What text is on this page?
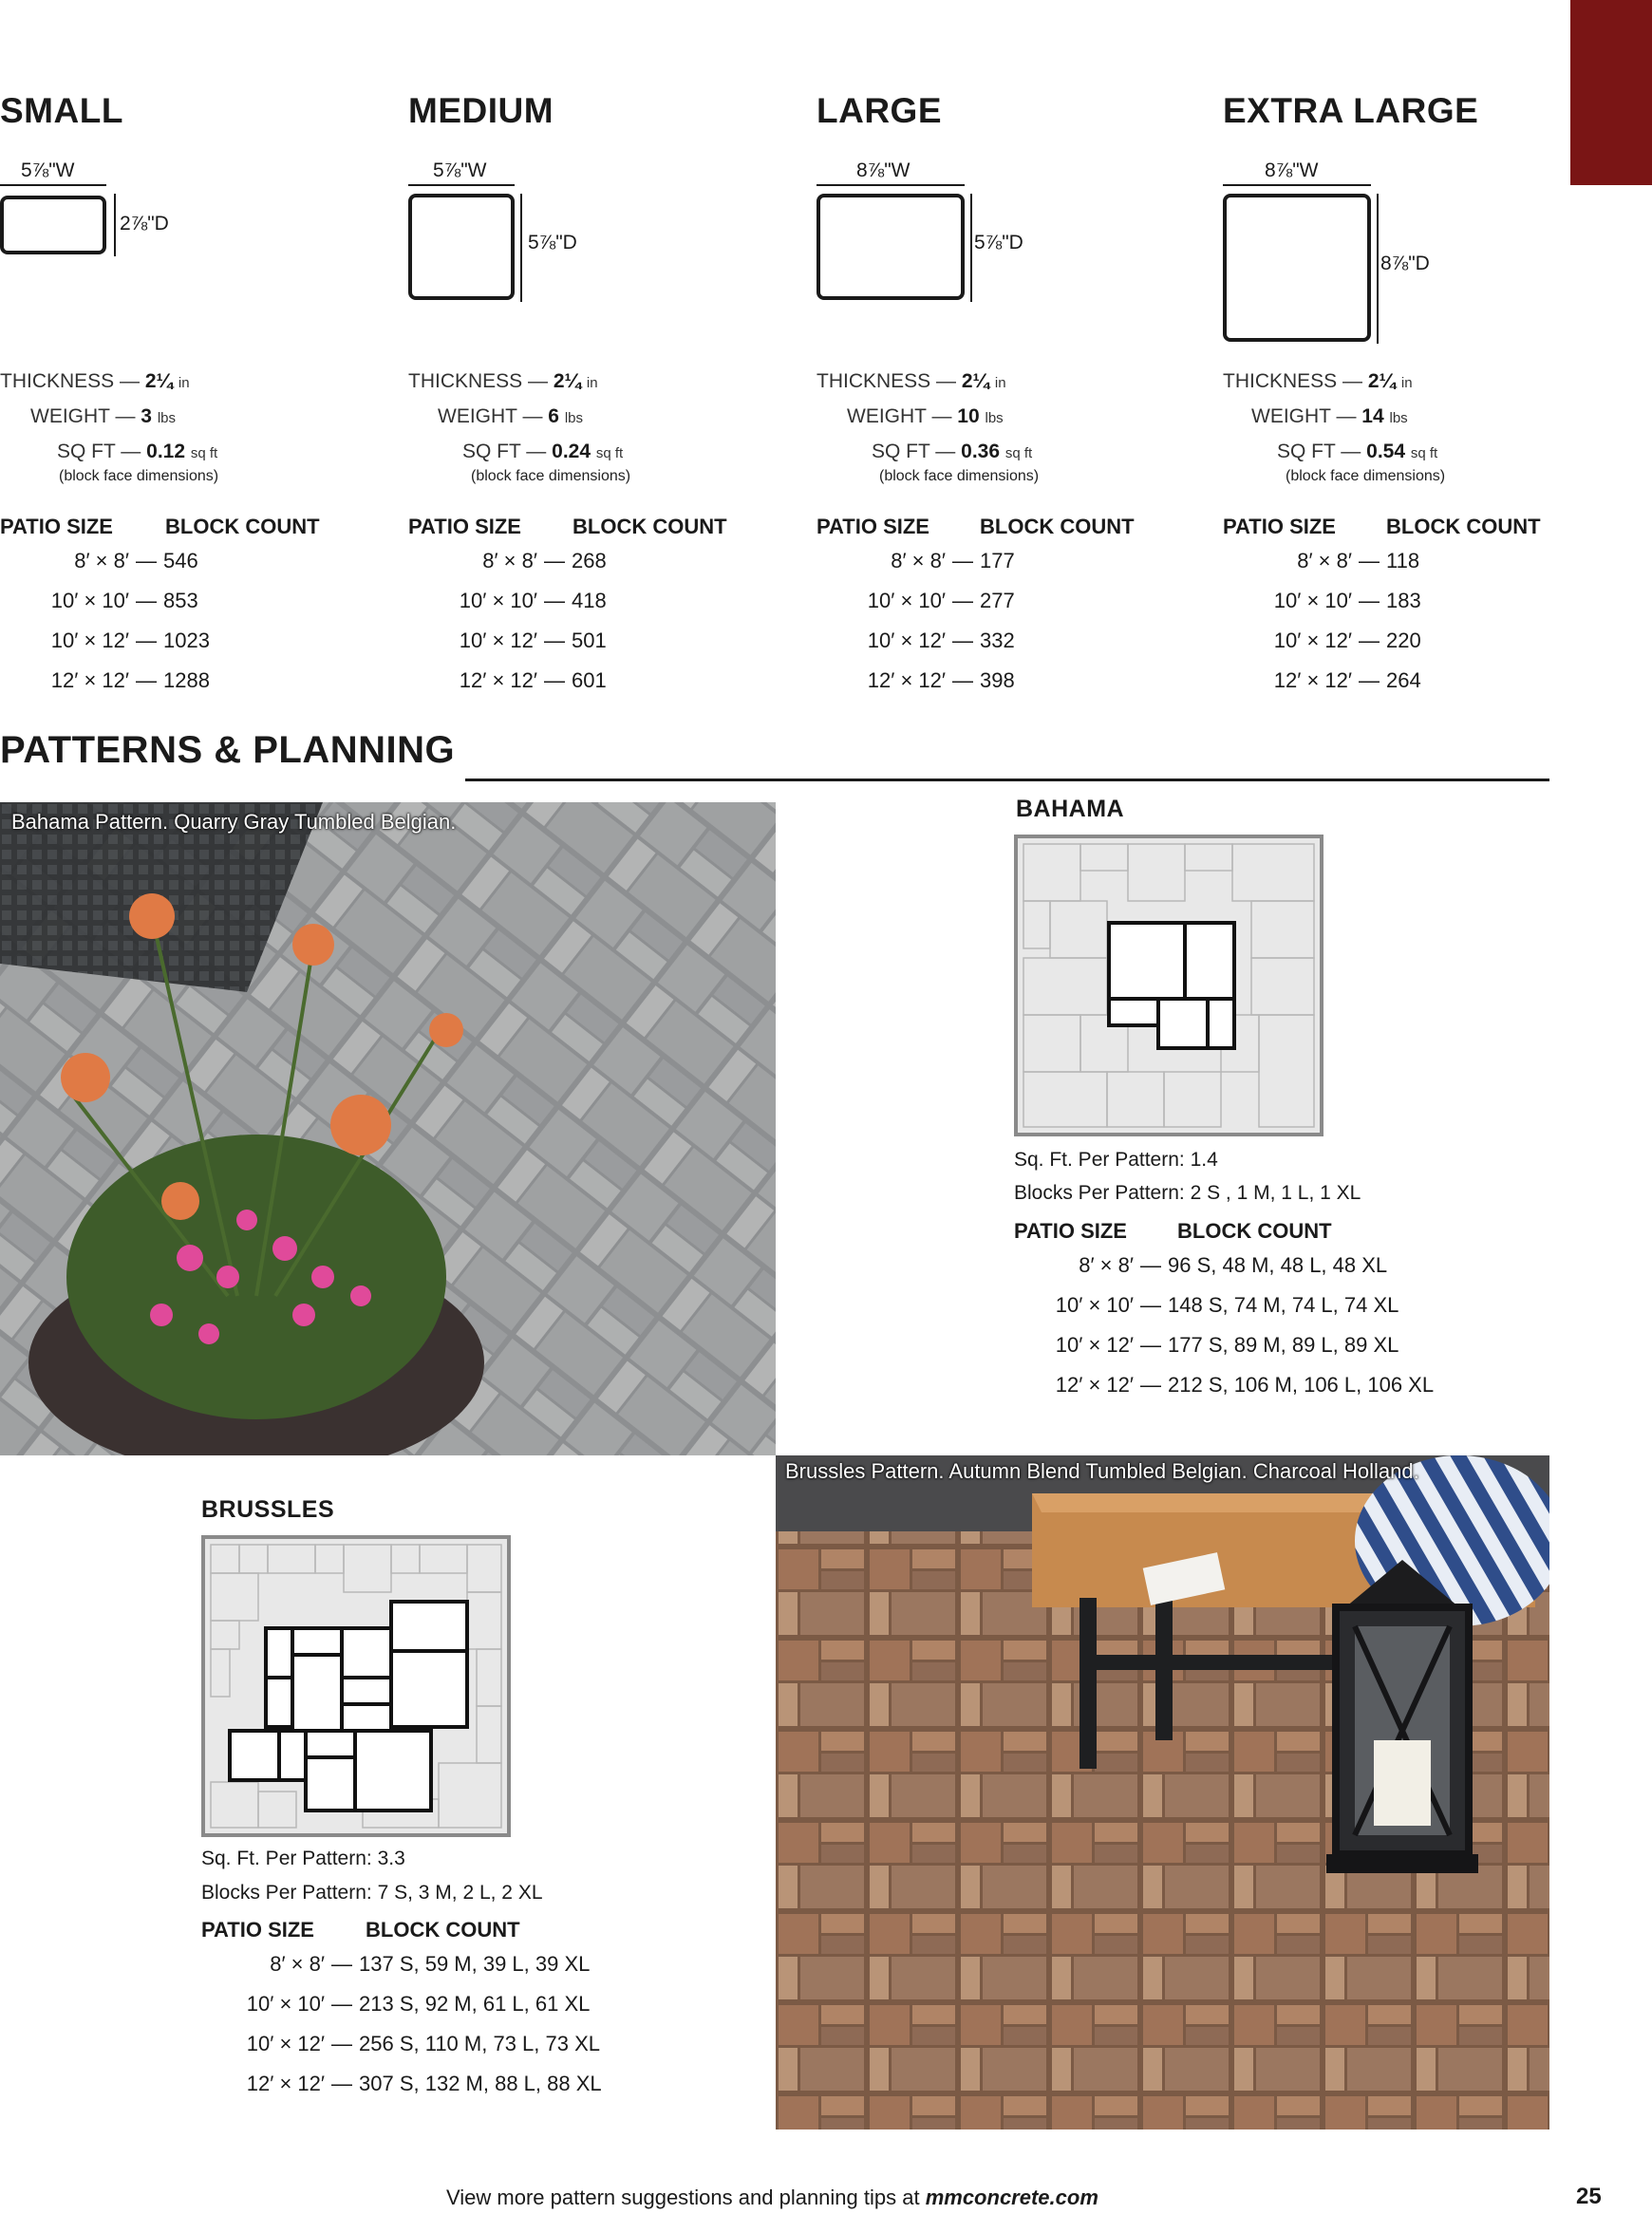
SMALL
5⅞"W
2⅞"D
MEDIUM
5⅞"W
5⅞"D
LARGE
8⅞"W
5⅞"D
EXTRA LARGE
8⅞"W
8⅞"D
THICKNESS — 2¼ in
WEIGHT — 3 lbs
SQ FT — 0.12 sq ft
(block face dimensions)
THICKNESS — 2¼ in
WEIGHT — 6 lbs
SQ FT — 0.24 sq ft
(block face dimensions)
THICKNESS — 2¼ in
WEIGHT — 10 lbs
SQ FT — 0.36 sq ft
(block face dimensions)
THICKNESS — 2¼ in
WEIGHT — 14 lbs
SQ FT — 0.54 sq ft
(block face dimensions)
PATIO SIZE	BLOCK COUNT	PATIO SIZE BLOCK COUNT	PATIO SIZE BLOCK COUNT	PATIO SIZE BLOCK COUNT
8′ × 8′ — 546
10′ × 10′ — 853
10′ × 12′ — 1023
12′ × 12′ — 1288
8′ × 8′ — 268
10′ × 10′ — 418
10′ × 12′ — 501
12′ × 12′ — 601
8′ × 8′ — 177
10′ × 10′ — 277
10′ × 12′ — 332
12′ × 12′ — 398
8′ × 8′ — 118
10′ × 10′ — 183
10′ × 12′ — 220
12′ × 12′ — 264
PATTERNS & PLANNING
Bahama Pattern. Quarry Gray Tumbled Belgian.	BAHAMA
Sq. Ft. Per Pattern: 1.4
Blocks Per Pattern: 2 S , 1 M, 1 L, 1 XL
PATIO SIZE BLOCK COUNT
8′ × 8′ — 96 S, 48 M, 48 L, 48 XL
10′ × 10′ — 148 S, 74 M, 74 L, 74 XL
10′ × 12′ — 177 S, 89 M, 89 L, 89 XL
12′ × 12′ — 212 S, 106 M, 106 L, 106 XL
BRUSSLES
Sq. Ft. Per Pattern: 3.3
Blocks Per Pattern: 7 S, 3 M, 2 L, 2 XL
PATIO SIZE BLOCK COUNT
8′ × 8′ — 137 S, 59 M, 39 L, 39 XL
10′ × 10′ — 213 S, 92 M, 61 L, 61 XL
10′ × 12′ — 256 S, 110 M, 73 L, 73 XL
12′ × 12′ — 307 S, 132 M, 88 L, 88 XL
Brussles Pattern. Autumn Blend Tumbled Belgian. Charcoal Holland.
View more pattern suggestions and planning tips at mmconcrete.com	25
